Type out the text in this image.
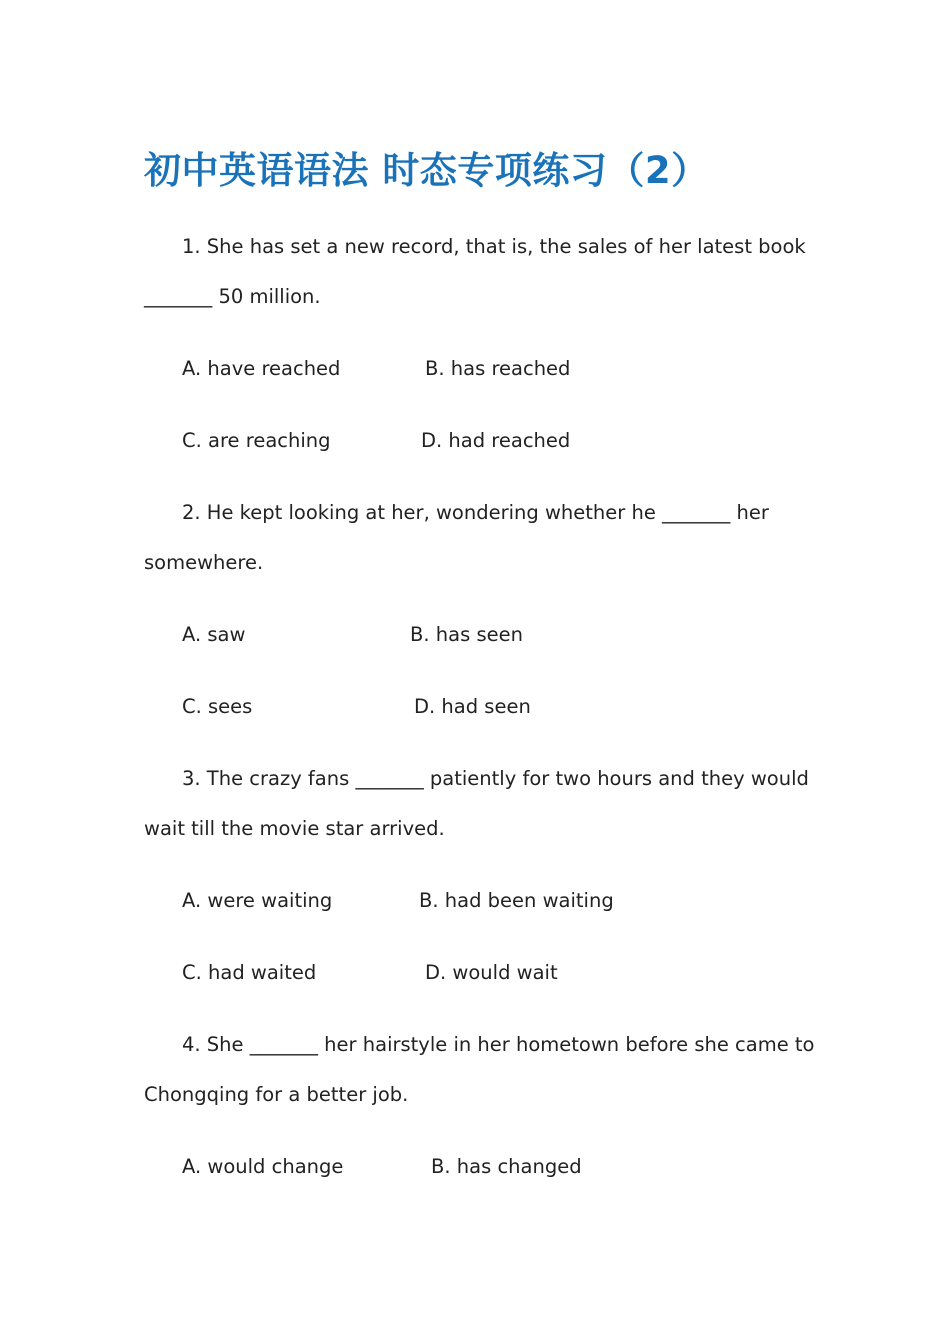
初中英语语法 时态专项练习（2）
1. She has set a new record, that is, the sales of her latest book
_______ 50 million.
A. have reached	B. has reached
C. are reaching	D. had reached
2. He kept looking at her, wondering whether he _______ her
somewhere.
A. saw	B. has seen
C. sees	D. had seen
3. The crazy fans _______ patiently for two hours and they would
wait till the movie star arrived.
A. were waiting	B. had been waiting
C. had waited	D. would wait
4. She _______ her hairstyle in her hometown before she came to
Chongqing for a better job.
A. would change	B. has changed
